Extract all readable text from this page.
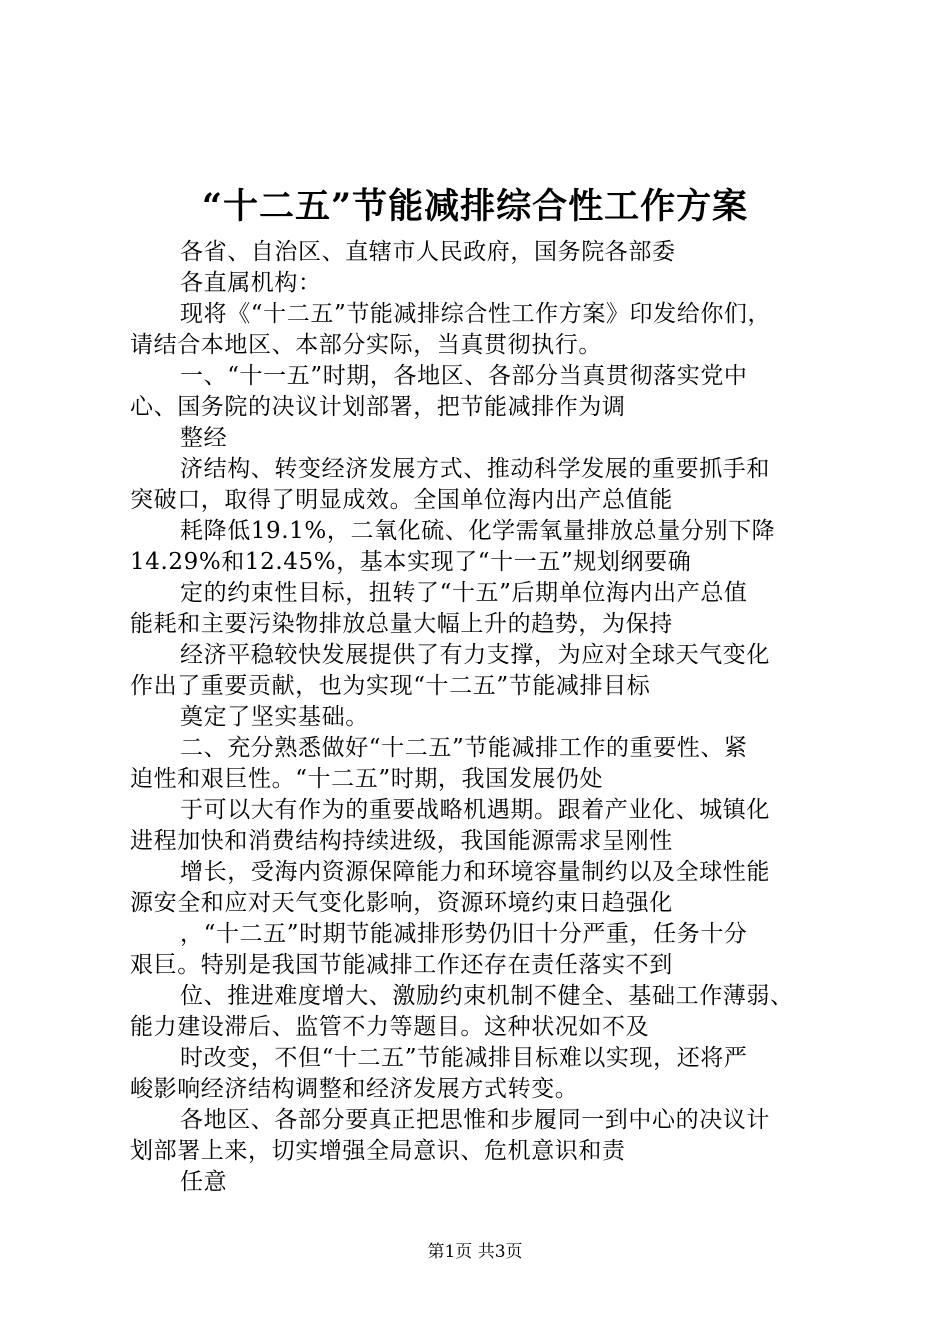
“十二五”节能减排综合性工作方案
各省、自治区、直辖市人民政府，国务院各部委
各直属机构：
现将《“十二五”节能减排综合性工作方案》印发给你们，
请结合本地区、本部分实际，当真贯彻执行。
一、“十一五”时期，各地区、各部分当真贯彻落实党中
心、国务院的决议计划部署，把节能减排作为调
整经
济结构、转变经济发展方式、推动科学发展的重要抓手和
突破口，取得了明显成效。全国单位海内出产总值能
耗降低19.1%，二氧化硫、化学需氧量排放总量分别下降
14.29%和12.45%，基本实现了“十一五”规划纲要确
定的约束性目标，扭转了“十五”后期单位海内出产总值
能耗和主要污染物排放总量大幅上升的趋势，为保持
经济平稳较快发展提供了有力支撑，为应对全球天气变化
作出了重要贡献，也为实现“十二五”节能减排目标
奠定了坚实基础。
二、充分熟悉做好“十二五”节能减排工作的重要性、紧
迫性和艰巨性。“十二五”时期，我国发展仍处
于可以大有作为的重要战略机遇期。跟着产业化、城镇化
进程加快和消费结构持续进级，我国能源需求呈刚性
增长，受海内资源保障能力和环境容量制约以及全球性能
源安全和应对天气变化影响，资源环境约束日趋强化
，“十二五”时期节能减排形势仍旧十分严重，任务十分
艰巨。特别是我国节能减排工作还存在责任落实不到
位、推进难度增大、激励约束机制不健全、基础工作薄弱、
能力建设滞后、监管不力等题目。这种状况如不及
时改变，不但“十二五”节能减排目标难以实现，还将严
峻影响经济结构调整和经济发展方式转变。
各地区、各部分要真正把思惟和步履同一到中心的决议计
划部署上来，切实增强全局意识、危机意识和责
任意
第1页 共3页
